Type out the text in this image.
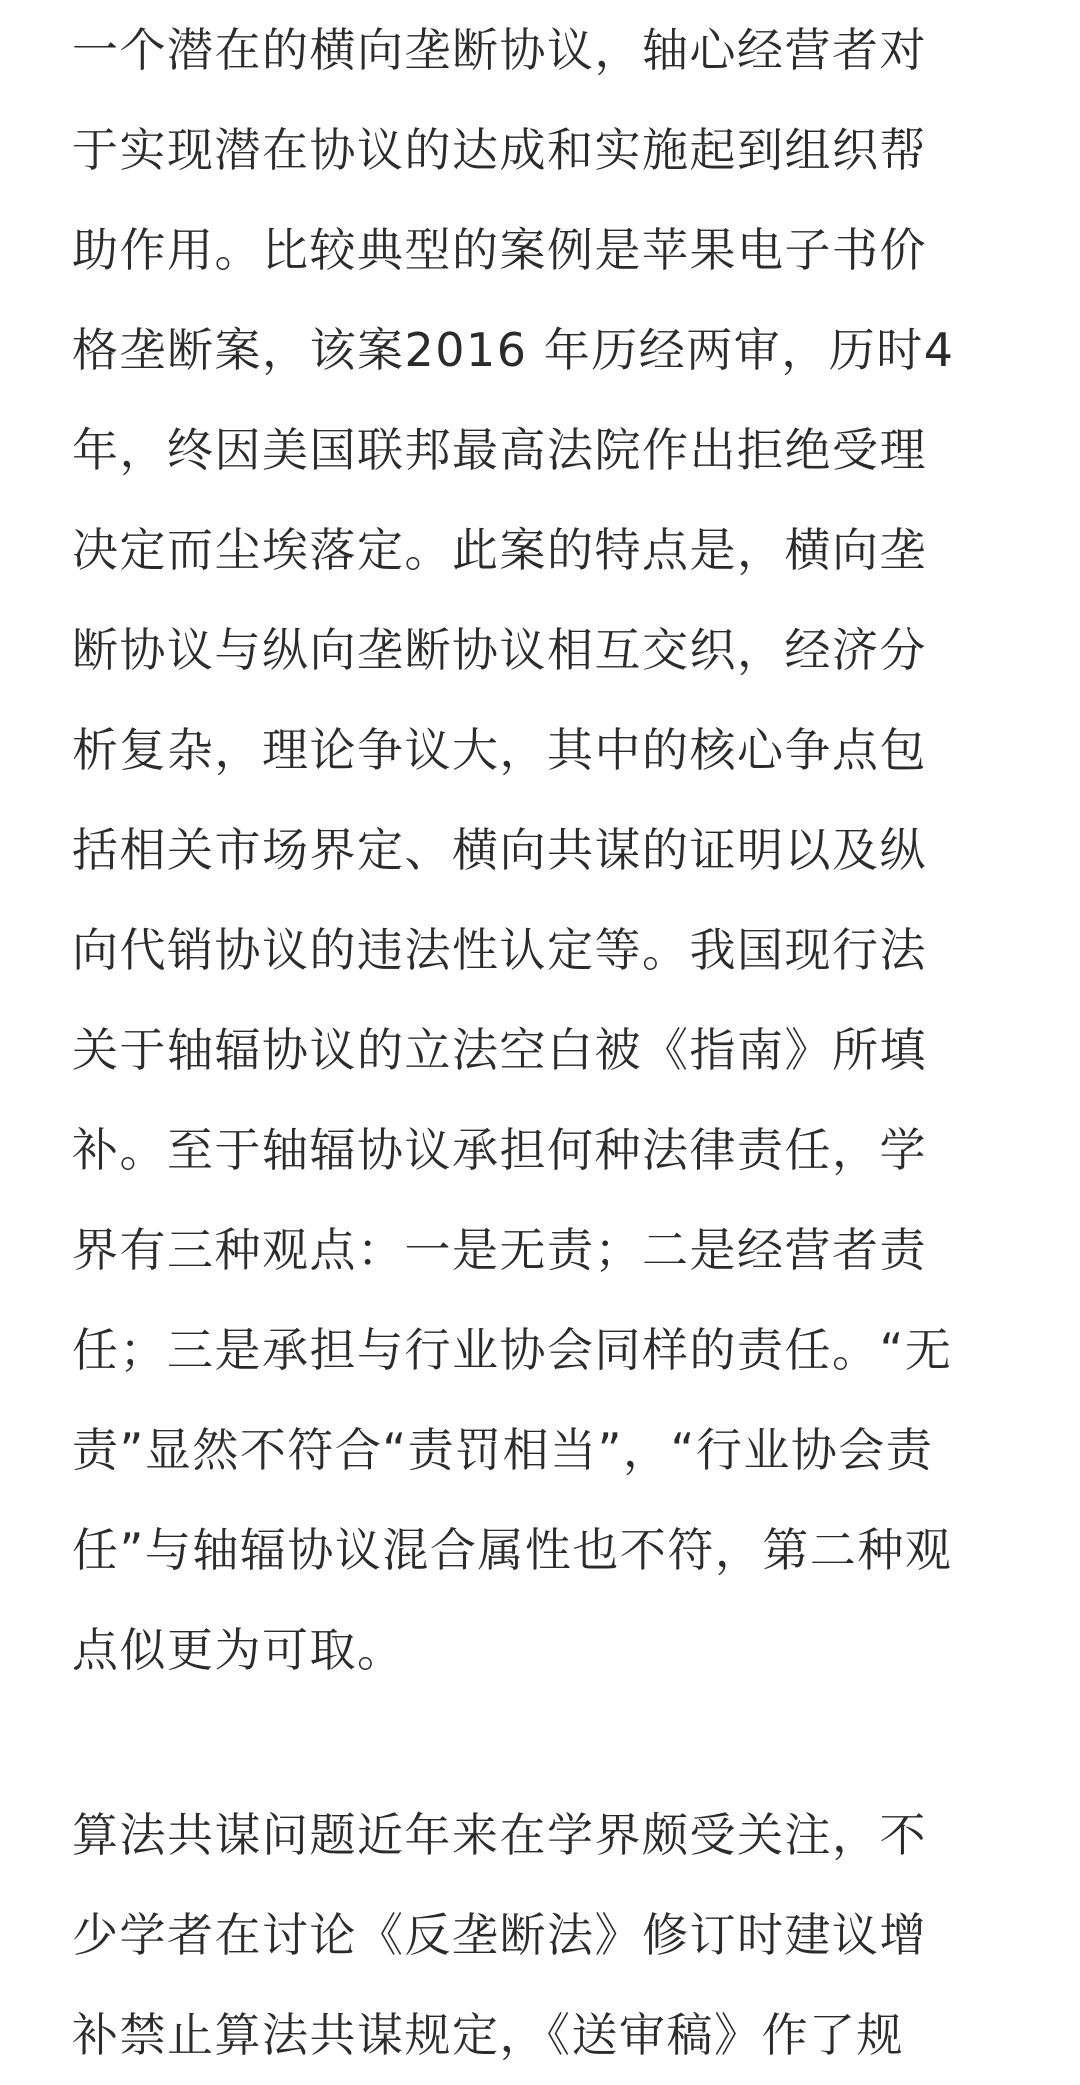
一个潜在的横向垄断协议，轴心经营者对
于实现潜在协议的达成和实施起到组织帮
助作用。比较典型的案例是苹果电子书价
格垄断案，该案2016 年历经两审，历时4
年，终因美国联邦最高法院作出拒绝受理
决定而尘埃落定。此案的特点是，横向垄
断协议与纵向垄断协议相互交织，经济分
析复杂，理论争议大，其中的核心争点包
括相关市场界定、横向共谋的证明以及纵
向代销协议的违法性认定等。我国现行法
关于轴辐协议的立法空白被《指南》所填
补。至于轴辐协议承担何种法律责任，学
界有三种观点：一是无责；二是经营者责
任；三是承担与行业协会同样的责任。“无
责”显然不符合“责罚相当”，“行业协会责
任”与轴辐协议混合属性也不符，第二种观
点似更为可取。
算法共谋问题近年来在学界颇受关注，不
少学者在讨论《反垄断法》修订时建议增
补禁止算法共谋规定，《送审稿》作了规
